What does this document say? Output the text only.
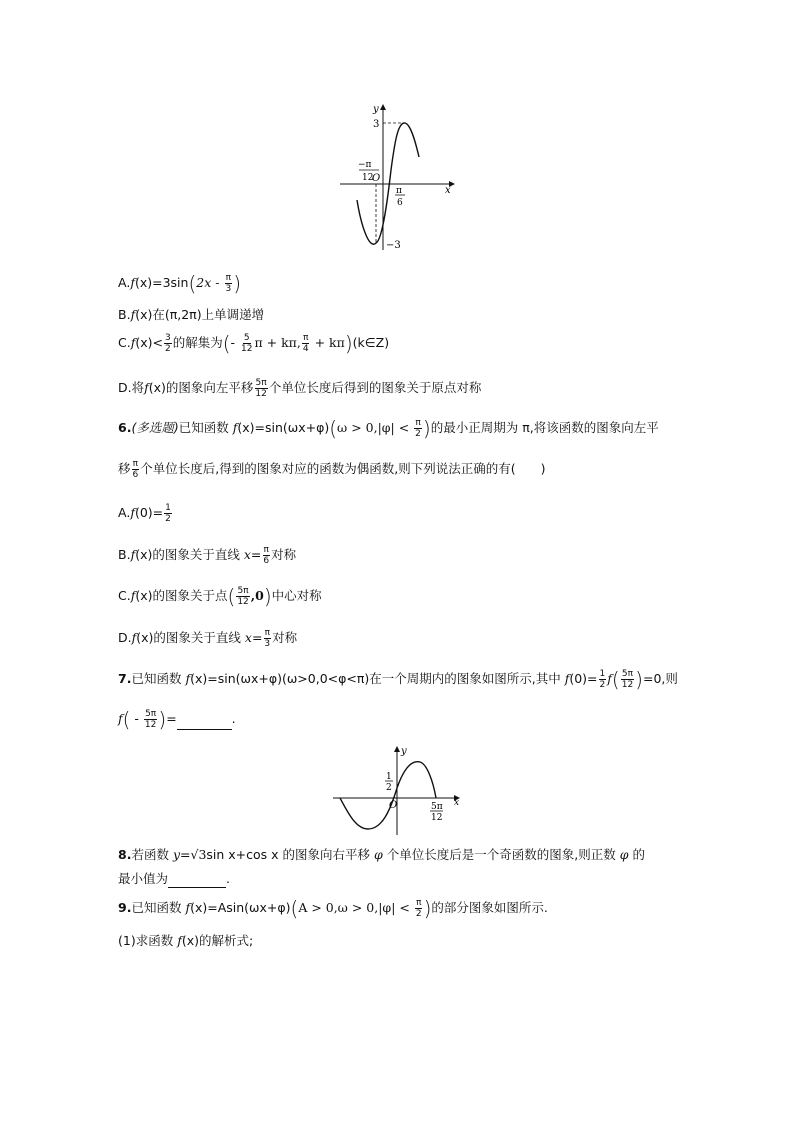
y
x
O
3
−3
−π
12
π
6
$A.f(x)=3\sin(2x - \frac{\pi}{3}$ )
B.f(x)在(π,2π)上单调递增
$C.f(x)< \frac{3}{2}$ 的解集为(- $\frac{5}{12}$ π + kπ, $\frac{\pi}{4}$ + kπ)(k∈Z)
D.将f(x)的图象向左平移 $\frac{5\pi}{12}$ 个单位长度后得到的图象关于原点对称
6.(多选题)已知函数 $f(x)=\sin(\omega x+\varphi)(\omega > 0,|\varphi| < \frac{\pi}{2}$ )的最小正周期为 π,将该函数的图象向左平
移 $\frac{\pi}{6}$ 个单位长度后,得到的图象对应的函数为偶函数,则下列说法正确的有(　　)
$A.f(0)= \frac{1}{2}$
B.f(x)的图象关于直线 $x= \frac{\pi}{6}$ 对称
C.f(x)的图象关于点( $\frac{5\pi}{12} ,0$)中心对称
D.f(x)的图象关于直线 $x= \frac{\pi}{3}$ 对称
7.已知函数 f(x)=sin(ωx+φ)(ω>0,0<φ<π)在一个周期内的图象如图所示,其中 $f(0)= \frac{1}{2} f( \frac{5\pi}{12} )=0$,则
$f( - \frac{5\pi}{12}$ )=	.
y
x
O
1
2
5π
12
8.若函数 y=√3sin x+cos x 的图象向右平移 φ 个单位长度后是一个奇函数的图象,则正数 φ 的
最小值为	.
9.已知函数 $f(x)=Asin(\omega x+\varphi)(A > 0,\omega > 0,|\varphi| < \frac{\pi}{2}$ )的部分图象如图所示.
(1)求函数 f(x)的解析式;
